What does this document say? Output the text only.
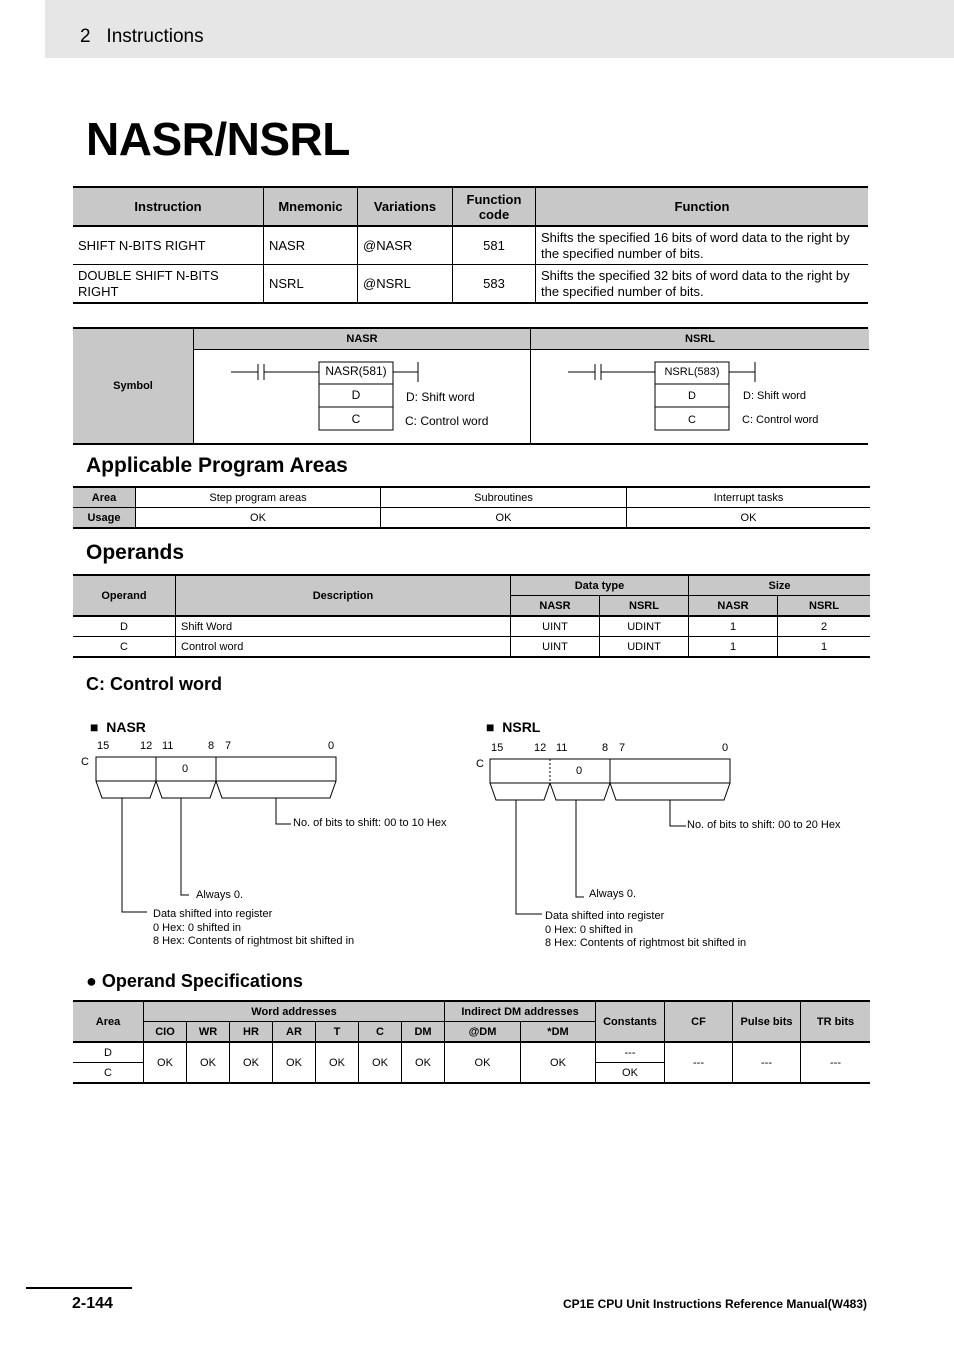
2 Instructions
NASR/NSRL
Instruction	Mnemonic	Variations	Function code	Function
SHIFT N-BITS RIGHT	NASR	@NASR	581	Shifts the specified 16 bits of word data to the right by the specified number of bits.
DOUBLE SHIFT N-BITS RIGHT	NSRL	@NSRL	583	Shifts the specified 32 bits of word data to the right by the specified number of bits.
Symbol
NASR	NSRL
NASR(581)
D
C
D: Shift word
C: Control word
NSRL(583)
D
C
D: Shift word
C: Control word
Applicable Program Areas
Area	Step program areas	Subroutines	Interrupt tasks
Usage	OK	OK	OK
Operands
Operand	Description	Data type		Size	
		NASR	NSRL	NASR	NSRL
D	Shift Word	UINT	UDINT	1	2
C	Control word	UINT	UDINT	1	1
C: Control word
■ NASR
C
15	12 11	8 7	0
0
No. of bits to shift: 00 to 10 Hex
Always 0.
Data shifted into register
0 Hex: 0 shifted in
8 Hex: Contents of rightmost bit shifted in
■ NSRL
C
15	12 11	8 7	0
0
No. of bits to shift: 00 to 20 Hex
Always 0.
Data shifted into register
0 Hex: 0 shifted in
8 Hex: Contents of rightmost bit shifted in
● Operand Specifications
Area	Word addresses							Indirect DM addresses		Constants	CF	Pulse bits	TR bits
	CIO	WR	HR	AR	T	C	DM	@DM	*DM				
D	OK	OK	OK	OK	OK	OK	OK	OK	OK	---	---	---	---
C										OK			
2-144	CP1E CPU Unit Instructions Reference Manual(W483)
